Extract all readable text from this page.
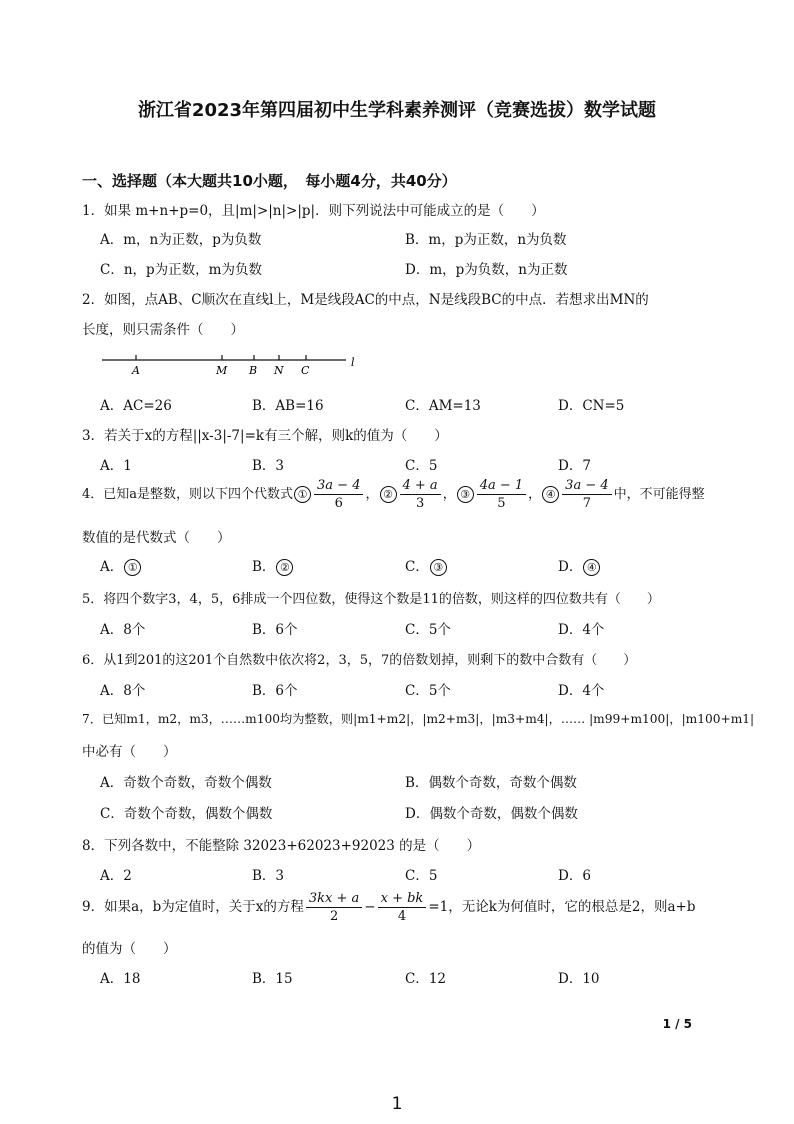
浙江省2023年第四届初中生学科素养测评（竞赛选拔）数学试题
一、选择题（本大题共10小题，　每小题4分，共40分）
1．如果 m+n+p=0，且|m|>|n|>|p|．则下列说法中可能成立的是（　　）
A．m，n为正数，p为负数	B．m，p为正数，n为负数
C．n，p为正数，m为负数	D．m，p为负数，n为正数
2．如图，点AB、C顺次在直线l上，M是线段AC的中点，N是线段BC的中点．若想求出MN的
长度，则只需条件（　　）
A	M B N C
l
A．AC=26	B．AB=16	C．AM=13	D．CN=5
3．若关于x的方程||x-3|-7|=k有三个解，则k的值为（　　）
A．1	B．3	C．5	D．7
4．已知a是整数，则以下四个代数式 ① $\frac{3a - 4}{6}$ ， ② $\frac{4 + a}{3}$ ， ③ $\frac{4a - 1}{5}$ ， ④ $\frac{3a - 4}{7}$ 中，不可能得整
数值的是代数式（　　）
A． ①	B． ②	C． ③	D． ④
5．将四个数字3，4，5，6排成一个四位数，使得这个数是11的倍数，则这样的四位数共有（　　）
A．8个	B．6个	C．5个	D．4个
6．从1到201的这201个自然数中依次将2，3，5，7的倍数划掉，则剩下的数中合数有（　　）
A．8个	B．6个	C．5个	D．4个
7．已知m1，m2，m3，……m100均为整数，则|m1+m2|，|m2+m3|，|m3+m4|，…… |m99+m100|，|m100+m1|
中必有（　　）
A．奇数个奇数，奇数个偶数	B．偶数个奇数，奇数个偶数
C．奇数个奇数，偶数个偶数	D．偶数个奇数，偶数个偶数
8．下列各数中，不能整除 32023+62023+92023 的是（　　）
A．2	B．3	C．5	D．6
9．如果a，b为定值时，关于x的方程 $\frac{3kx + a}{2} - \frac{x + bk}{4} =1$，无论k为何值时，它的根总是2，则a+b
的值为（　　）
A．18	B．15	C．12	D．10
1 / 5
1
